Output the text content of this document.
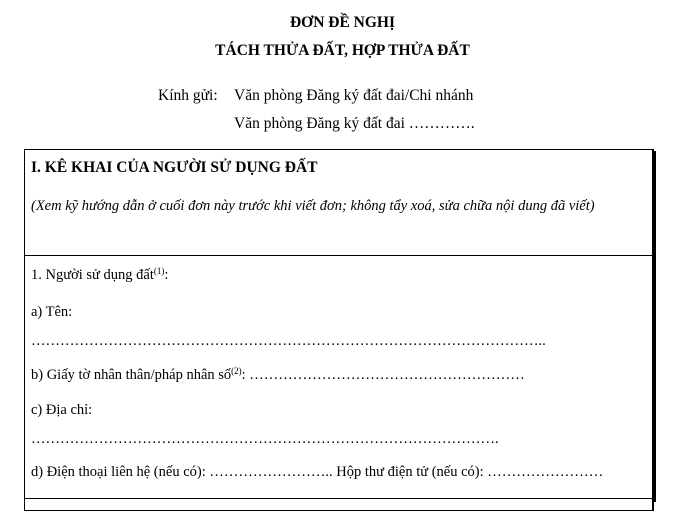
ĐƠN ĐỀ NGHỊ
TÁCH THỬA ĐẤT, HỢP THỬA ĐẤT
Kính gửi: Văn phòng Đăng ký đất đai/Chi nhánh
Văn phòng Đăng ký đất đai ………….
I. KÊ KHAI CỦA NGƯỜI SỬ DỤNG ĐẤT
(Xem kỹ hướng dẫn ở cuối đơn này trước khi viết đơn; không tẩy xoá, sửa chữa nội dung đã viết)
1. Người sử dụng đất$^{(1)}$:
a) Tên:
……………………………………………………………………………………………..
b) Giấy tờ nhân thân/pháp nhân số$^{(2)}$: …………………………………………………
c) Địa chỉ:
…………………………………………………………………………………….
d) Điện thoại liên hệ (nếu có): …………………….. Hộp thư điện tử (nếu có): ……………………
